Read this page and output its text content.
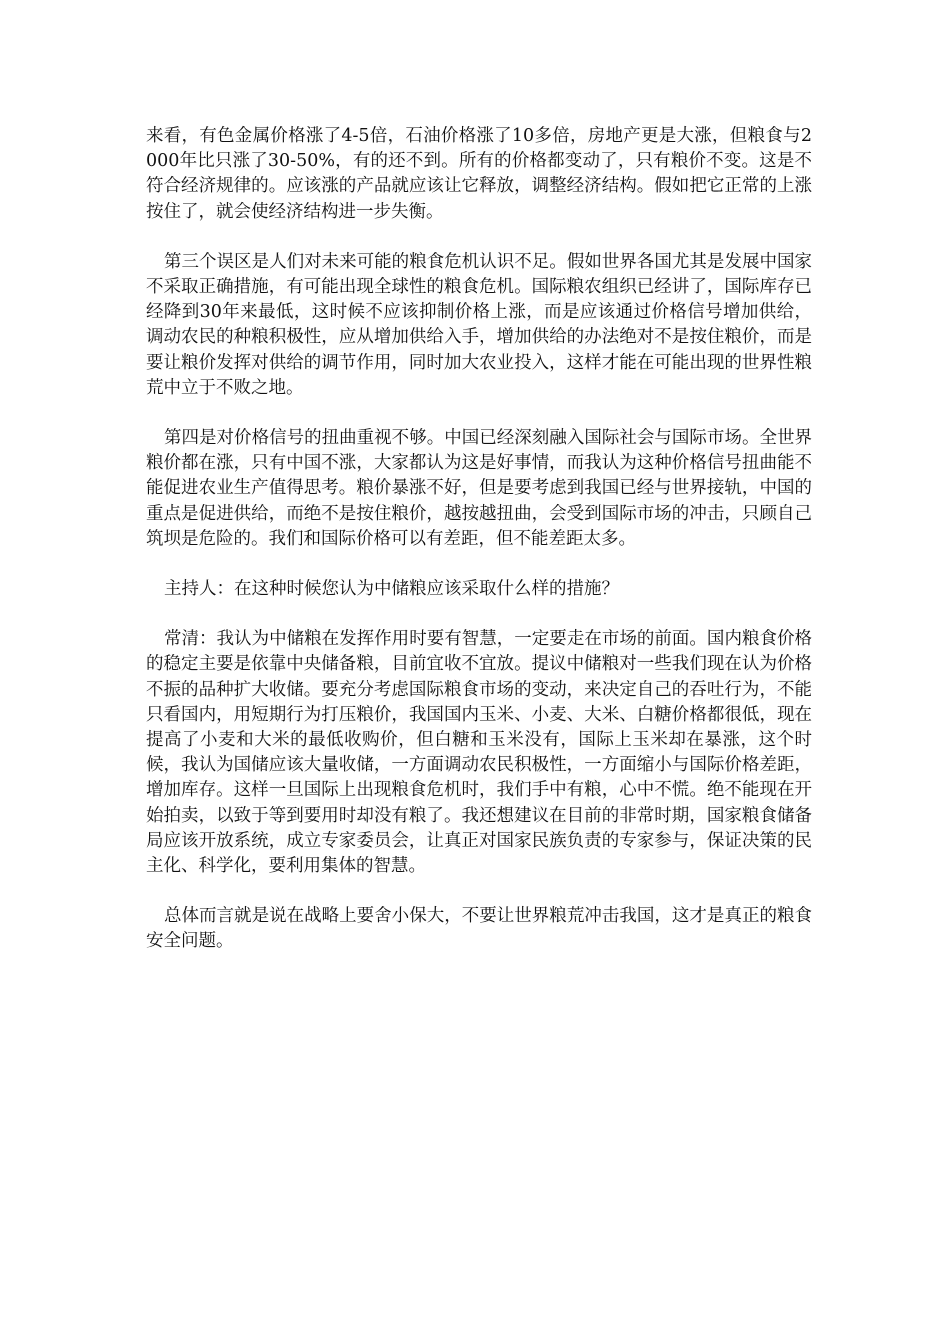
来看，有色金属价格涨了4-5倍，石油价格涨了10多倍，房地产更是大涨，但粮食与2000年比只涨了30-50%，有的还不到。所有的价格都变动了，只有粮价不变。这是不符合经济规律的。应该涨的产品就应该让它释放，调整经济结构。假如把它正常的上涨按住了，就会使经济结构进一步失衡。

第三个误区是人们对未来可能的粮食危机认识不足。假如世界各国尤其是发展中国家不采取正确措施，有可能出现全球性的粮食危机。国际粮农组织已经讲了，国际库存已经降到30年来最低，这时候不应该抑制价格上涨，而是应该通过价格信号增加供给，调动农民的种粮积极性，应从增加供给入手，增加供给的办法绝对不是按住粮价，而是要让粮价发挥对供给的调节作用，同时加大农业投入，这样才能在可能出现的世界性粮荒中立于不败之地。

第四是对价格信号的扭曲重视不够。中国已经深刻融入国际社会与国际市场。全世界粮价都在涨，只有中国不涨，大家都认为这是好事情，而我认为这种价格信号扭曲能不能促进农业生产值得思考。粮价暴涨不好，但是要考虑到我国已经与世界接轨，中国的重点是促进供给，而绝不是按住粮价，越按越扭曲，会受到国际市场的冲击，只顾自己筑坝是危险的。我们和国际价格可以有差距，但不能差距太多。

主持人：在这种时候您认为中储粮应该采取什么样的措施？

常清：我认为中储粮在发挥作用时要有智慧，一定要走在市场的前面。国内粮食价格的稳定主要是依靠中央储备粮，目前宜收不宜放。提议中储粮对一些我们现在认为价格不振的品种扩大收储。要充分考虑国际粮食市场的变动，来决定自己的吞吐行为，不能只看国内，用短期行为打压粮价，我国国内玉米、小麦、大米、白糖价格都很低，现在提高了小麦和大米的最低收购价，但白糖和玉米没有，国际上玉米却在暴涨，这个时候，我认为国储应该大量收储，一方面调动农民积极性，一方面缩小与国际价格差距，增加库存。这样一旦国际上出现粮食危机时，我们手中有粮，心中不慌。绝不能现在开始拍卖，以致于等到要用时却没有粮了。我还想建议在目前的非常时期，国家粮食储备局应该开放系统，成立专家委员会，让真正对国家民族负责的专家参与，保证决策的民主化、科学化，要利用集体的智慧。

总体而言就是说在战略上要舍小保大，不要让世界粮荒冲击我国，这才是真正的粮食安全问题。
